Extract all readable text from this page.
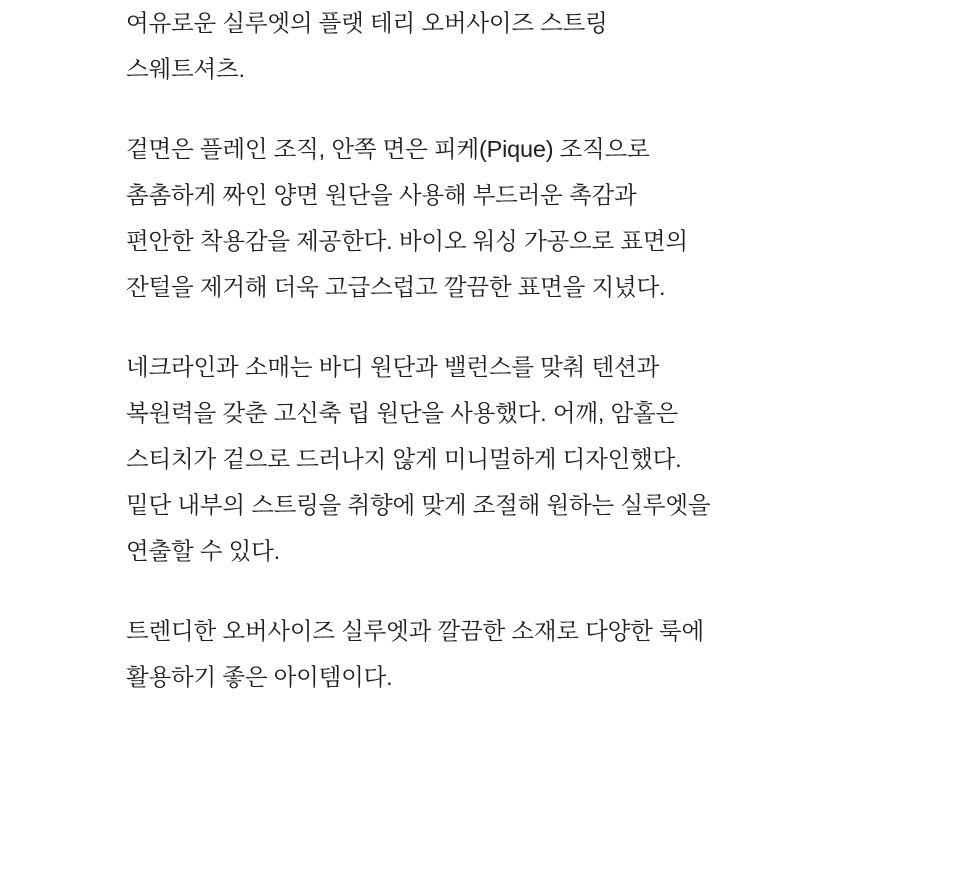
여유로운 실루엣의 플랫 테리 오버사이즈 스트링
스웨트셔츠.
겉면은 플레인 조직, 안쪽 면은 피케(Pique) 조직으로
촘촘하게 짜인 양면 원단을 사용해 부드러운 촉감과
편안한 착용감을 제공한다. 바이오 워싱 가공으로 표면의
잔털을 제거해 더욱 고급스럽고 깔끔한 표면을 지녔다.
네크라인과 소매는 바디 원단과 밸런스를 맞춰 텐션과
복원력을 갖춘 고신축 립 원단을 사용했다. 어깨, 암홀은
스티치가 겉으로 드러나지 않게 미니멀하게 디자인했다.
밑단 내부의 스트링을 취향에 맞게 조절해 원하는 실루엣을
연출할 수 있다.
트렌디한 오버사이즈 실루엣과 깔끔한 소재로 다양한 룩에
활용하기 좋은 아이템이다.
